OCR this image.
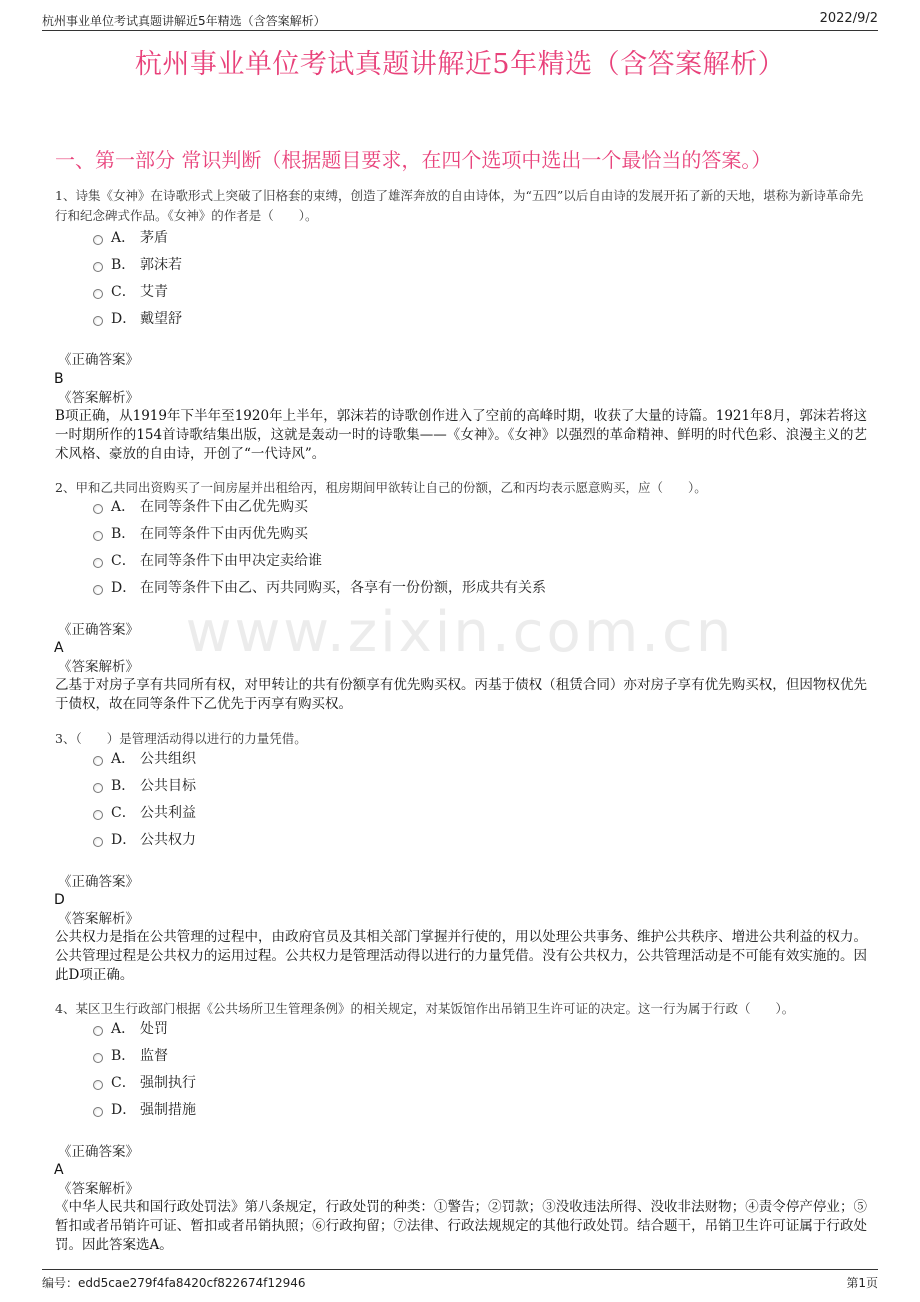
杭州事业单位考试真题讲解近5年精选（含答案解析）	2022/9/2
杭州事业单位考试真题讲解近5年精选（含答案解析）
一、第一部分 常识判断（根据题目要求，在四个选项中选出一个最恰当的答案。）
www.zixin.com.cn
1、诗集《女神》在诗歌形式上突破了旧格套的束缚，创造了雄浑奔放的自由诗体，为“五四”以后自由诗的发展开拓了新的天地，堪称为新诗革命先行和纪念碑式作品。《女神》的作者是（　　）。
A． 茅盾
B． 郭沫若
C． 艾青
D． 戴望舒
《正确答案》
B
《答案解析》
B项正确，从1919年下半年至1920年上半年，郭沫若的诗歌创作进入了空前的高峰时期，收获了大量的诗篇。1921年8月，郭沫若将这一时期所作的154首诗歌结集出版，这就是轰动一时的诗歌集——《女神》。《女神》以强烈的革命精神、鲜明的时代色彩、浪漫主义的艺术风格、豪放的自由诗，开创了“一代诗风”。
2、甲和乙共同出资购买了一间房屋并出租给丙，租房期间甲欲转让自己的份额，乙和丙均表示愿意购买，应（　　）。
A． 在同等条件下由乙优先购买
B． 在同等条件下由丙优先购买
C． 在同等条件下由甲决定卖给谁
D． 在同等条件下由乙、丙共同购买，各享有一份份额，形成共有关系
《正确答案》
A
《答案解析》
乙基于对房子享有共同所有权，对甲转让的共有份额享有优先购买权。丙基于债权（租赁合同）亦对房子享有优先购买权，但因物权优先于债权，故在同等条件下乙优先于丙享有购买权。
3、（　　）是管理活动得以进行的力量凭借。
A． 公共组织
B． 公共目标
C． 公共利益
D． 公共权力
《正确答案》
D
《答案解析》
公共权力是指在公共管理的过程中，由政府官员及其相关部门掌握并行使的，用以处理公共事务、维护公共秩序、增进公共利益的权力。公共管理过程是公共权力的运用过程。公共权力是管理活动得以进行的力量凭借。没有公共权力，公共管理活动是不可能有效实施的。因此D项正确。
4、某区卫生行政部门根据《公共场所卫生管理条例》的相关规定，对某饭馆作出吊销卫生许可证的决定。这一行为属于行政（　　）。
A． 处罚
B． 监督
C． 强制执行
D． 强制措施
《正确答案》
A
《答案解析》
《中华人民共和国行政处罚法》第八条规定，行政处罚的种类：①警告；②罚款；③没收违法所得、没收非法财物；④责令停产停业；⑤暂扣或者吊销许可证、暂扣或者吊销执照；⑥行政拘留；⑦法律、行政法规规定的其他行政处罚。结合题干，吊销卫生许可证属于行政处罚。因此答案选A。
编号：edd5cae279f4fa8420cf822674f12946	第1页
